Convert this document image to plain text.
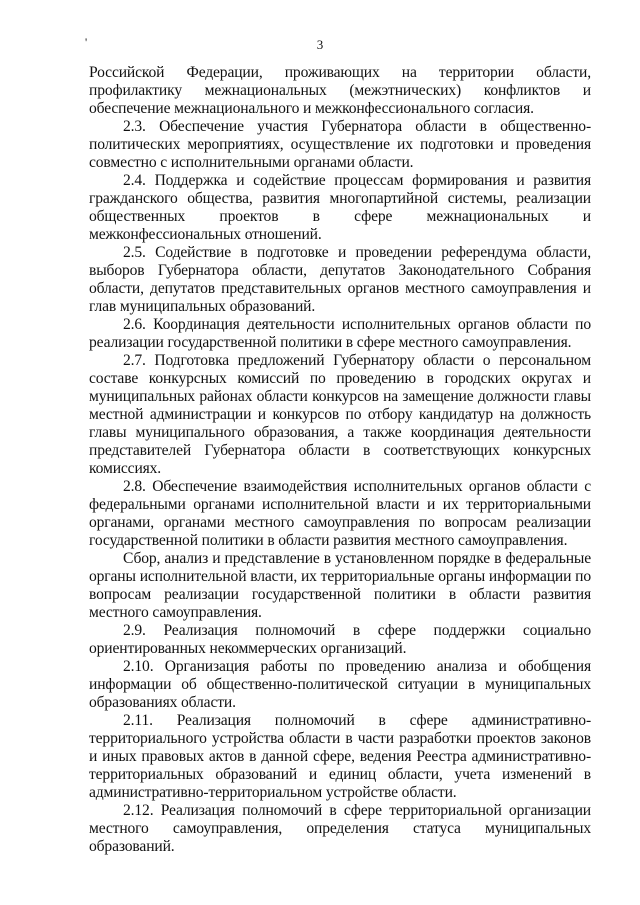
'	3

Российской Федерации, проживающих на территории области, профилактику межнациональных (межэтнических) конфликтов и обеспечение межнационального и межконфессионального согласия.

2.3. Обеспечение участия Губернатора области в общественно-политических мероприятиях, осуществление их подготовки и проведения совместно с исполнительными органами области.

2.4. Поддержка и содействие процессам формирования и развития гражданского общества, развития многопартийной системы, реализации общественных проектов в сфере межнациональных и межконфессиональных отношений.

2.5. Содействие в подготовке и проведении референдума области, выборов Губернатора области, депутатов Законодательного Собрания области, депутатов представительных органов местного самоуправления и глав муниципальных образований.

2.6. Координация деятельности исполнительных органов области по реализации государственной политики в сфере местного самоуправления.

2.7. Подготовка предложений Губернатору области о персональном составе конкурсных комиссий по проведению в городских округах и муниципальных районах области конкурсов на замещение должности главы местной администрации и конкурсов по отбору кандидатур на должность главы муниципального образования, а также координация деятельности представителей Губернатора области в соответствующих конкурсных комиссиях.

2.8. Обеспечение взаимодействия исполнительных органов области с федеральными органами исполнительной власти и их территориальными органами, органами местного самоуправления по вопросам реализации государственной политики в области развития местного самоуправления.

Сбор, анализ и представление в установленном порядке в федеральные органы исполнительной власти, их территориальные органы информации по вопросам реализации государственной политики в области развития местного самоуправления.

2.9. Реализация полномочий в сфере поддержки социально ориентированных некоммерческих организаций.

2.10. Организация работы по проведению анализа и обобщения информации об общественно-политической ситуации в муниципальных образованиях области.

2.11. Реализация полномочий в сфере административно-территориального устройства области в части разработки проектов законов и иных правовых актов в данной сфере, ведения Реестра административно-территориальных образований и единиц области, учета изменений в административно-территориальном устройстве области.

2.12. Реализация полномочий в сфере территориальной организации местного самоуправления, определения статуса муниципальных образований.
